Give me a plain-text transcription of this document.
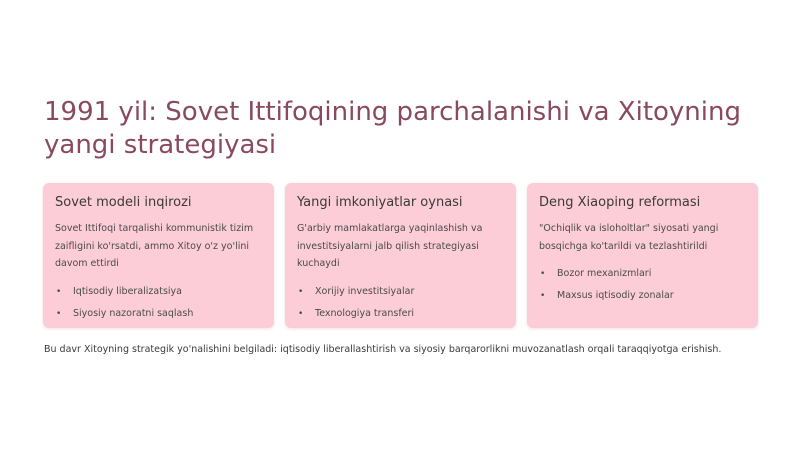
1991 yil: Sovet Ittifoqining parchalanishi va Xitoyning yangi strategiyasi

Sovet modeli inqirozi

Sovet Ittifoqi tarqalishi kommunistik tizim zaifligini ko'rsatdi, ammo Xitoy o'z yo'lini davom ettirdi

• Iqtisodiy liberalizatsiya
• Siyosiy nazoratni saqlash

Yangi imkoniyatlar oynasi

G'arbiy mamlakatlarga yaqinlashish va investitsiyalarni jalb qilish strategiyasi kuchaydi

• Xorijiy investitsiyalar
• Texnologiya transferi

Deng Xiaoping reformasi

"Ochiqlik va isloholtlar" siyosati yangi bosqichga ko'tarildi va tezlashtirildi

• Bozor mexanizmlari
• Maxsus iqtisodiy zonalar

Bu davr Xitoyning strategik yo'nalishini belgiladi: iqtisodiy liberallashtirish va siyosiy barqarorlikni muvozanatlash orqali taraqqiyotga erishish.
